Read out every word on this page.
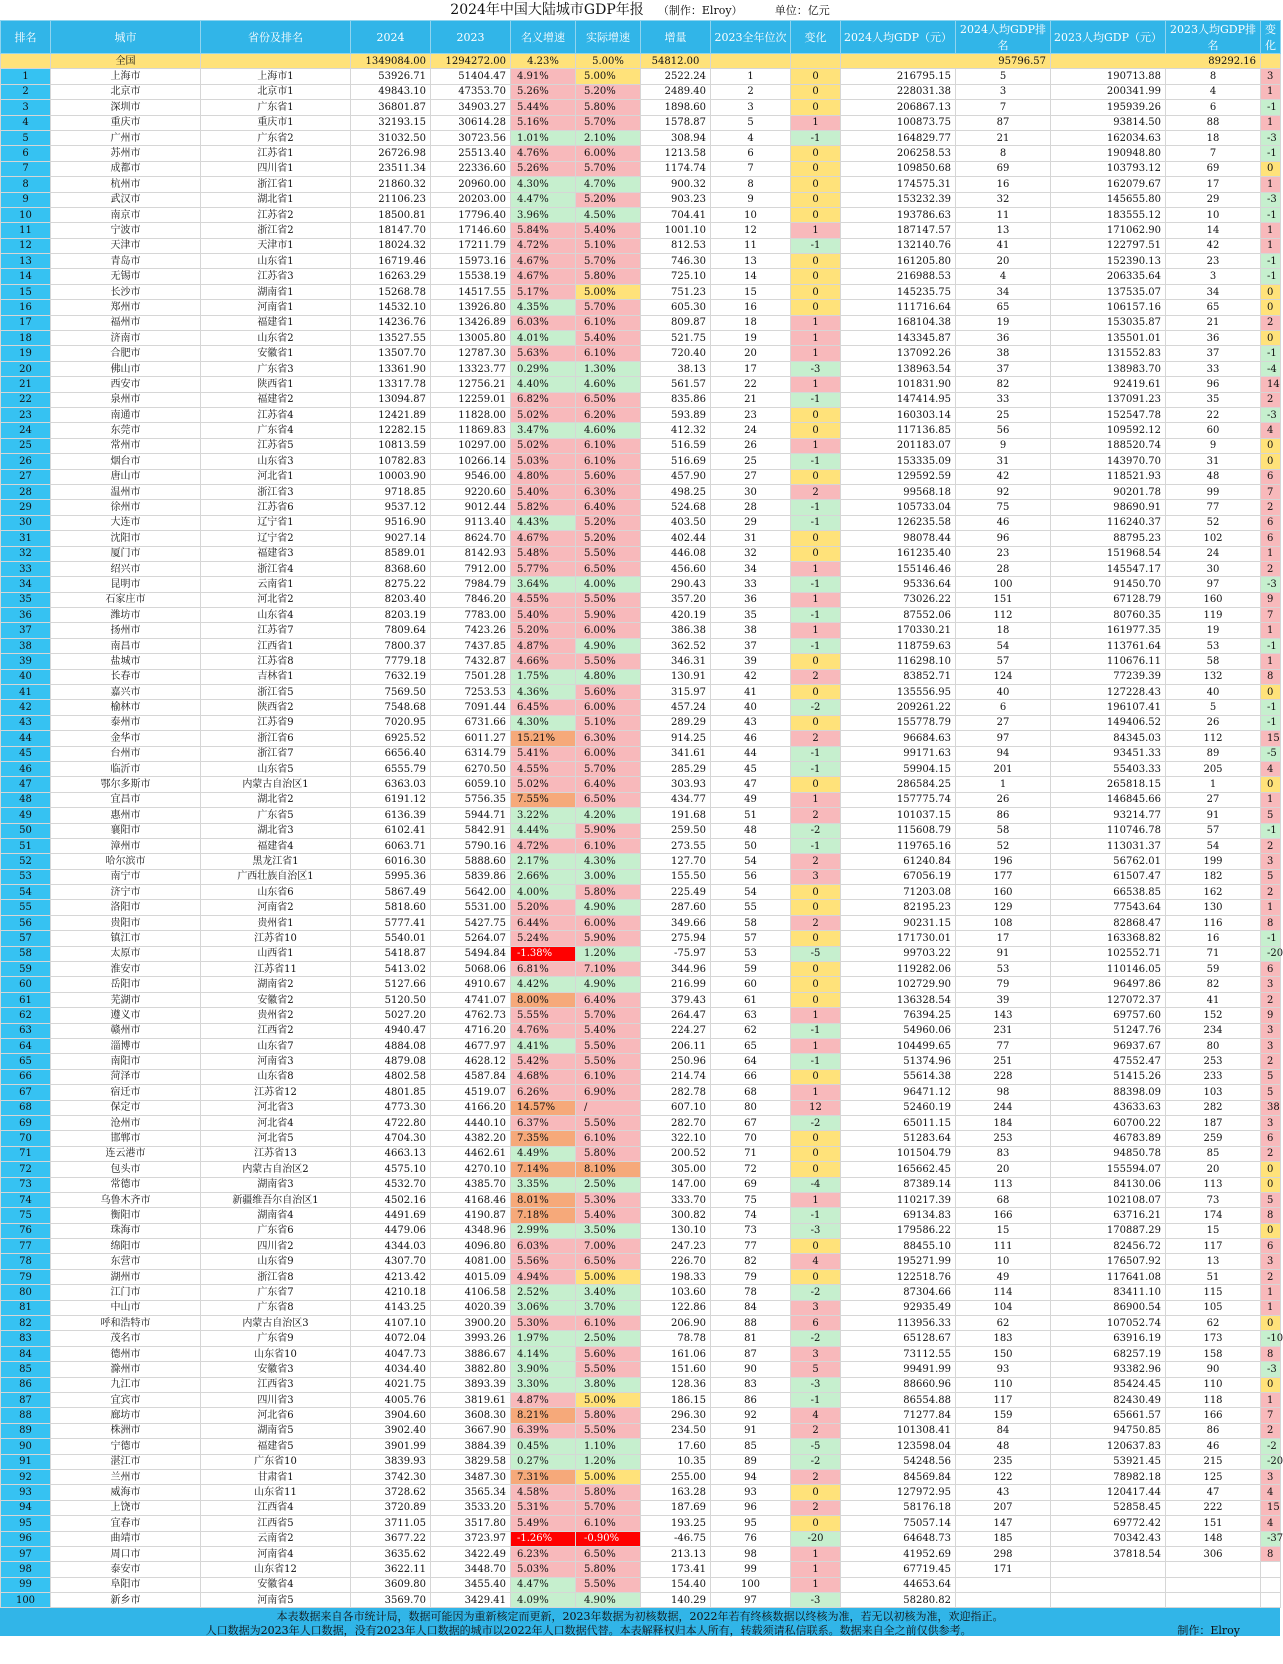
2024年中国大陆城市GDP年报 （制作：Elroy）	单位：亿元
排名	城市	省份及排名	2024	2023	名义增速	实际增速	增量	2023全年位次	变化	2024人均GDP（元）	2024人均GDP排名	2023人均GDP（元）	2023人均GDP排名	变化
	全国		1349084.00	1294272.00	4.23%	5.00%	54812.00			95796.57		89292.16		
1	上海市	上海市1	53926.71	51404.47	4.91%	5.00%	2522.24	1	0	216795.15	5	190713.88	8	3
2	北京市	北京市1	49843.10	47353.70	5.26%	5.20%	2489.40	2	0	228031.38	3	200341.99	4	1
3	深圳市	广东省1	36801.87	34903.27	5.44%	5.80%	1898.60	3	0	206867.13	7	195939.26	6	-1
4	重庆市	重庆市1	32193.15	30614.28	5.16%	5.70%	1578.87	5	1	100873.75	87	93814.50	88	1
5	广州市	广东省2	31032.50	30723.56	1.01%	2.10%	308.94	4	-1	164829.77	21	162034.63	18	-3
6	苏州市	江苏省1	26726.98	25513.40	4.76%	6.00%	1213.58	6	0	206258.53	8	190948.80	7	-1
7	成都市	四川省1	23511.34	22336.60	5.26%	5.70%	1174.74	7	0	109850.68	69	103793.12	69	0
8	杭州市	浙江省1	21860.32	20960.00	4.30%	4.70%	900.32	8	0	174575.31	16	162079.67	17	1
9	武汉市	湖北省1	21106.23	20203.00	4.47%	5.20%	903.23	9	0	153232.39	32	145655.80	29	-3
10	南京市	江苏省2	18500.81	17796.40	3.96%	4.50%	704.41	10	0	193786.63	11	183555.12	10	-1
11	宁波市	浙江省2	18147.70	17146.60	5.84%	5.40%	1001.10	12	1	187147.57	13	171062.90	14	1
12	天津市	天津市1	18024.32	17211.79	4.72%	5.10%	812.53	11	-1	132140.76	41	122797.51	42	1
13	青岛市	山东省1	16719.46	15973.16	4.67%	5.70%	746.30	13	0	161205.80	20	152390.13	23	-1
14	无锡市	江苏省3	16263.29	15538.19	4.67%	5.80%	725.10	14	0	216988.53	4	206335.64	3	-1
15	长沙市	湖南省1	15268.78	14517.55	5.17%	5.00%	751.23	15	0	145235.75	34	137535.07	34	0
16	郑州市	河南省1	14532.10	13926.80	4.35%	5.70%	605.30	16	0	111716.64	65	106157.16	65	0
17	福州市	福建省1	14236.76	13426.89	6.03%	6.10%	809.87	18	1	168104.38	19	153035.87	21	2
18	济南市	山东省2	13527.55	13005.80	4.01%	5.40%	521.75	19	1	143345.87	36	135501.01	36	0
19	合肥市	安徽省1	13507.70	12787.30	5.63%	6.10%	720.40	20	1	137092.26	38	131552.83	37	-1
20	佛山市	广东省3	13361.90	13323.77	0.29%	1.30%	38.13	17	-3	138963.54	37	138983.70	33	-4
21	西安市	陕西省1	13317.78	12756.21	4.40%	4.60%	561.57	22	1	101831.90	82	92419.61	96	14
22	泉州市	福建省2	13094.87	12259.01	6.82%	6.50%	835.86	21	-1	147414.95	33	137091.23	35	2
23	南通市	江苏省4	12421.89	11828.00	5.02%	6.20%	593.89	23	0	160303.14	25	152547.78	22	-3
24	东莞市	广东省4	12282.15	11869.83	3.47%	4.60%	412.32	24	0	117136.85	56	109592.12	60	4
25	常州市	江苏省5	10813.59	10297.00	5.02%	6.10%	516.59	26	1	201183.07	9	188520.74	9	0
26	烟台市	山东省3	10782.83	10266.14	5.03%	6.10%	516.69	25	-1	153335.09	31	143970.70	31	0
27	唐山市	河北省1	10003.90	9546.00	4.80%	5.60%	457.90	27	0	129592.59	42	118521.93	48	6
28	温州市	浙江省3	9718.85	9220.60	5.40%	6.30%	498.25	30	2	99568.18	92	90201.78	99	7
29	徐州市	江苏省6	9537.12	9012.44	5.82%	6.40%	524.68	28	-1	105733.04	75	98690.91	77	2
30	大连市	辽宁省1	9516.90	9113.40	4.43%	5.20%	403.50	29	-1	126235.58	46	116240.37	52	6
31	沈阳市	辽宁省2	9027.14	8624.70	4.67%	5.20%	402.44	31	0	98078.44	96	88795.23	102	6
32	厦门市	福建省3	8589.01	8142.93	5.48%	5.50%	446.08	32	0	161235.40	23	151968.54	24	1
33	绍兴市	浙江省4	8368.60	7912.00	5.77%	6.50%	456.60	34	1	155146.46	28	145547.17	30	2
34	昆明市	云南省1	8275.22	7984.79	3.64%	4.00%	290.43	33	-1	95336.64	100	91450.70	97	-3
35	石家庄市	河北省2	8203.40	7846.20	4.55%	5.50%	357.20	36	1	73026.22	151	67128.79	160	9
36	潍坊市	山东省4	8203.19	7783.00	5.40%	5.90%	420.19	35	-1	87552.06	112	80760.35	119	7
37	扬州市	江苏省7	7809.64	7423.26	5.20%	6.00%	386.38	38	1	170330.21	18	161977.35	19	1
38	南昌市	江西省1	7800.37	7437.85	4.87%	4.90%	362.52	37	-1	118759.63	54	113761.64	53	-1
39	盐城市	江苏省8	7779.18	7432.87	4.66%	5.50%	346.31	39	0	116298.10	57	110676.11	58	1
40	长春市	吉林省1	7632.19	7501.28	1.75%	4.80%	130.91	42	2	83852.71	124	77239.39	132	8
41	嘉兴市	浙江省5	7569.50	7253.53	4.36%	5.60%	315.97	41	0	135556.95	40	127228.43	40	0
42	榆林市	陕西省2	7548.68	7091.44	6.45%	6.00%	457.24	40	-2	209261.22	6	196107.41	5	-1
43	泰州市	江苏省9	7020.95	6731.66	4.30%	5.10%	289.29	43	0	155778.79	27	149406.52	26	-1
44	金华市	浙江省6	6925.52	6011.27	15.21%	6.30%	914.25	46	2	96684.63	97	84345.03	112	15
45	台州市	浙江省7	6656.40	6314.79	5.41%	6.00%	341.61	44	-1	99171.63	94	93451.33	89	-5
46	临沂市	山东省5	6555.79	6270.50	4.55%	5.70%	285.29	45	-1	59904.15	201	55403.33	205	4
47	鄂尔多斯市	内蒙古自治区1	6363.03	6059.10	5.02%	6.40%	303.93	47	0	286584.25	1	265818.15	1	0
48	宜昌市	湖北省2	6191.12	5756.35	7.55%	6.50%	434.77	49	1	157775.74	26	146845.66	27	1
49	惠州市	广东省5	6136.39	5944.71	3.22%	4.20%	191.68	51	2	101037.15	86	93214.77	91	5
50	襄阳市	湖北省3	6102.41	5842.91	4.44%	5.90%	259.50	48	-2	115608.79	58	110746.78	57	-1
51	漳州市	福建省4	6063.71	5790.16	4.72%	6.10%	273.55	50	-1	119765.16	52	113031.37	54	2
52	哈尔滨市	黑龙江省1	6016.30	5888.60	2.17%	4.30%	127.70	54	2	61240.84	196	56762.01	199	3
53	南宁市	广西壮族自治区1	5995.36	5839.86	2.66%	3.00%	155.50	56	3	67056.19	177	61507.47	182	5
54	济宁市	山东省6	5867.49	5642.00	4.00%	5.80%	225.49	54	0	71203.08	160	66538.85	162	2
55	洛阳市	河南省2	5818.60	5531.00	5.20%	4.90%	287.60	55	0	82195.23	129	77543.64	130	1
56	贵阳市	贵州省1	5777.41	5427.75	6.44%	6.00%	349.66	58	2	90231.15	108	82868.47	116	8
57	镇江市	江苏省10	5540.01	5264.07	5.24%	5.90%	275.94	57	0	171730.01	17	163368.82	16	-1
58	太原市	山西省1	5418.87	5494.84	-1.38%	1.20%	-75.97	53	-5	99703.22	91	102552.71	71	-20
59	淮安市	江苏省11	5413.02	5068.06	6.81%	7.10%	344.96	59	0	119282.06	53	110146.05	59	6
60	岳阳市	湖南省2	5127.66	4910.67	4.42%	4.90%	216.99	60	0	102729.90	79	96497.86	82	3
61	芜湖市	安徽省2	5120.50	4741.07	8.00%	6.40%	379.43	61	0	136328.54	39	127072.37	41	2
62	遵义市	贵州省2	5027.20	4762.73	5.55%	5.70%	264.47	63	1	76394.25	143	69757.60	152	9
63	赣州市	江西省2	4940.47	4716.20	4.76%	5.40%	224.27	62	-1	54960.06	231	51247.76	234	3
64	淄博市	山东省7	4884.08	4677.97	4.41%	5.50%	206.11	65	1	104499.65	77	96937.67	80	3
65	南阳市	河南省3	4879.08	4628.12	5.42%	5.50%	250.96	64	-1	51374.96	251	47552.47	253	2
66	菏泽市	山东省8	4802.58	4587.84	4.68%	6.10%	214.74	66	0	55614.38	228	51415.26	233	5
67	宿迁市	江苏省12	4801.85	4519.07	6.26%	6.90%	282.78	68	1	96471.12	98	88398.09	103	5
68	保定市	河北省3	4773.30	4166.20	14.57%	/	607.10	80	12	52460.19	244	43633.63	282	38
69	沧州市	河北省4	4722.80	4440.10	6.37%	5.50%	282.70	67	-2	65011.15	184	60700.22	187	3
70	邯郸市	河北省5	4704.30	4382.20	7.35%	6.10%	322.10	70	0	51283.64	253	46783.89	259	6
71	连云港市	江苏省13	4663.13	4462.61	4.49%	5.80%	200.52	71	0	101504.79	83	94850.78	85	2
72	包头市	内蒙古自治区2	4575.10	4270.10	7.14%	8.10%	305.00	72	0	165662.45	20	155594.07	20	0
73	常德市	湖南省3	4532.70	4385.70	3.35%	2.50%	147.00	69	-4	87389.14	113	84130.06	113	0
74	乌鲁木齐市	新疆维吾尔自治区1	4502.16	4168.46	8.01%	5.30%	333.70	75	1	110217.39	68	102108.07	73	5
75	衡阳市	湖南省4	4491.69	4190.87	7.18%	5.40%	300.82	74	-1	69134.83	166	63716.21	174	8
76	珠海市	广东省6	4479.06	4348.96	2.99%	3.50%	130.10	73	-3	179586.22	15	170887.29	15	0
77	绵阳市	四川省2	4344.03	4096.80	6.03%	7.00%	247.23	77	0	88455.10	111	82456.72	117	6
78	东营市	山东省9	4307.70	4081.00	5.56%	6.50%	226.70	82	4	195271.99	10	176507.92	13	3
79	湖州市	浙江省8	4213.42	4015.09	4.94%	5.00%	198.33	79	0	122518.76	49	117641.08	51	2
80	江门市	广东省7	4210.18	4106.58	2.52%	3.40%	103.60	78	-2	87304.66	114	83411.10	115	1
81	中山市	广东省8	4143.25	4020.39	3.06%	3.70%	122.86	84	3	92935.49	104	86900.54	105	1
82	呼和浩特市	内蒙古自治区3	4107.10	3900.20	5.30%	6.10%	206.90	88	6	113956.33	62	107052.74	62	0
83	茂名市	广东省9	4072.04	3993.26	1.97%	2.50%	78.78	81	-2	65128.67	183	63916.19	173	-10
84	德州市	山东省10	4047.73	3886.67	4.14%	5.60%	161.06	87	3	73112.55	150	68257.19	158	8
85	滁州市	安徽省3	4034.40	3882.80	3.90%	5.50%	151.60	90	5	99491.99	93	93382.96	90	-3
86	九江市	江西省3	4021.75	3893.39	3.30%	3.80%	128.36	83	-3	88660.96	110	85424.45	110	0
87	宜宾市	四川省3	4005.76	3819.61	4.87%	5.00%	186.15	86	-1	86554.88	117	82430.49	118	1
88	廊坊市	河北省6	3904.60	3608.30	8.21%	5.80%	296.30	92	4	71277.84	159	65661.57	166	7
89	株洲市	湖南省5	3902.40	3667.90	6.39%	5.50%	234.50	91	2	101308.41	84	94750.85	86	2
90	宁德市	福建省5	3901.99	3884.39	0.45%	1.10%	17.60	85	-5	123598.04	48	120637.83	46	-2
91	湛江市	广东省10	3839.93	3829.58	0.27%	1.20%	10.35	89	-2	54248.56	235	53921.45	215	-20
92	兰州市	甘肃省1	3742.30	3487.30	7.31%	5.00%	255.00	94	2	84569.84	122	78982.18	125	3
93	威海市	山东省11	3728.62	3565.34	4.58%	5.80%	163.28	93	0	127972.95	43	120417.44	47	4
94	上饶市	江西省4	3720.89	3533.20	5.31%	5.70%	187.69	96	2	58176.18	207	52858.45	222	15
95	宜春市	江西省5	3711.05	3517.80	5.49%	6.10%	193.25	95	0	75057.14	147	69772.42	151	4
96	曲靖市	云南省2	3677.22	3723.97	-1.26%	-0.90%	-46.75	76	-20	64648.73	185	70342.43	148	-37
97	周口市	河南省4	3635.62	3422.49	6.23%	6.50%	213.13	98	1	41952.69	298	37818.54	306	8
98	泰安市	山东省12	3622.11	3448.70	5.03%	5.80%	173.41	99	1	67719.45	171			
99	阜阳市	安徽省4	3609.80	3455.40	4.47%	5.50%	154.40	100	1	44653.64				
100	新乡市	河南省5	3569.70	3429.41	4.09%	4.90%	140.29	97	-3	58280.82				
本表数据来自各市统计局，数据可能因为重新核定而更新，2023年数据为初核数据，2022年若有终核数据以终核为准，若无以初核为准，欢迎指正。
人口数据为2023年人口数据，没有2023年人口数据的城市以2022年人口数据代替。本表解释权归本人所有，转载须请私信联系。数据来自全之前仅供参考。	制作：Elroy
